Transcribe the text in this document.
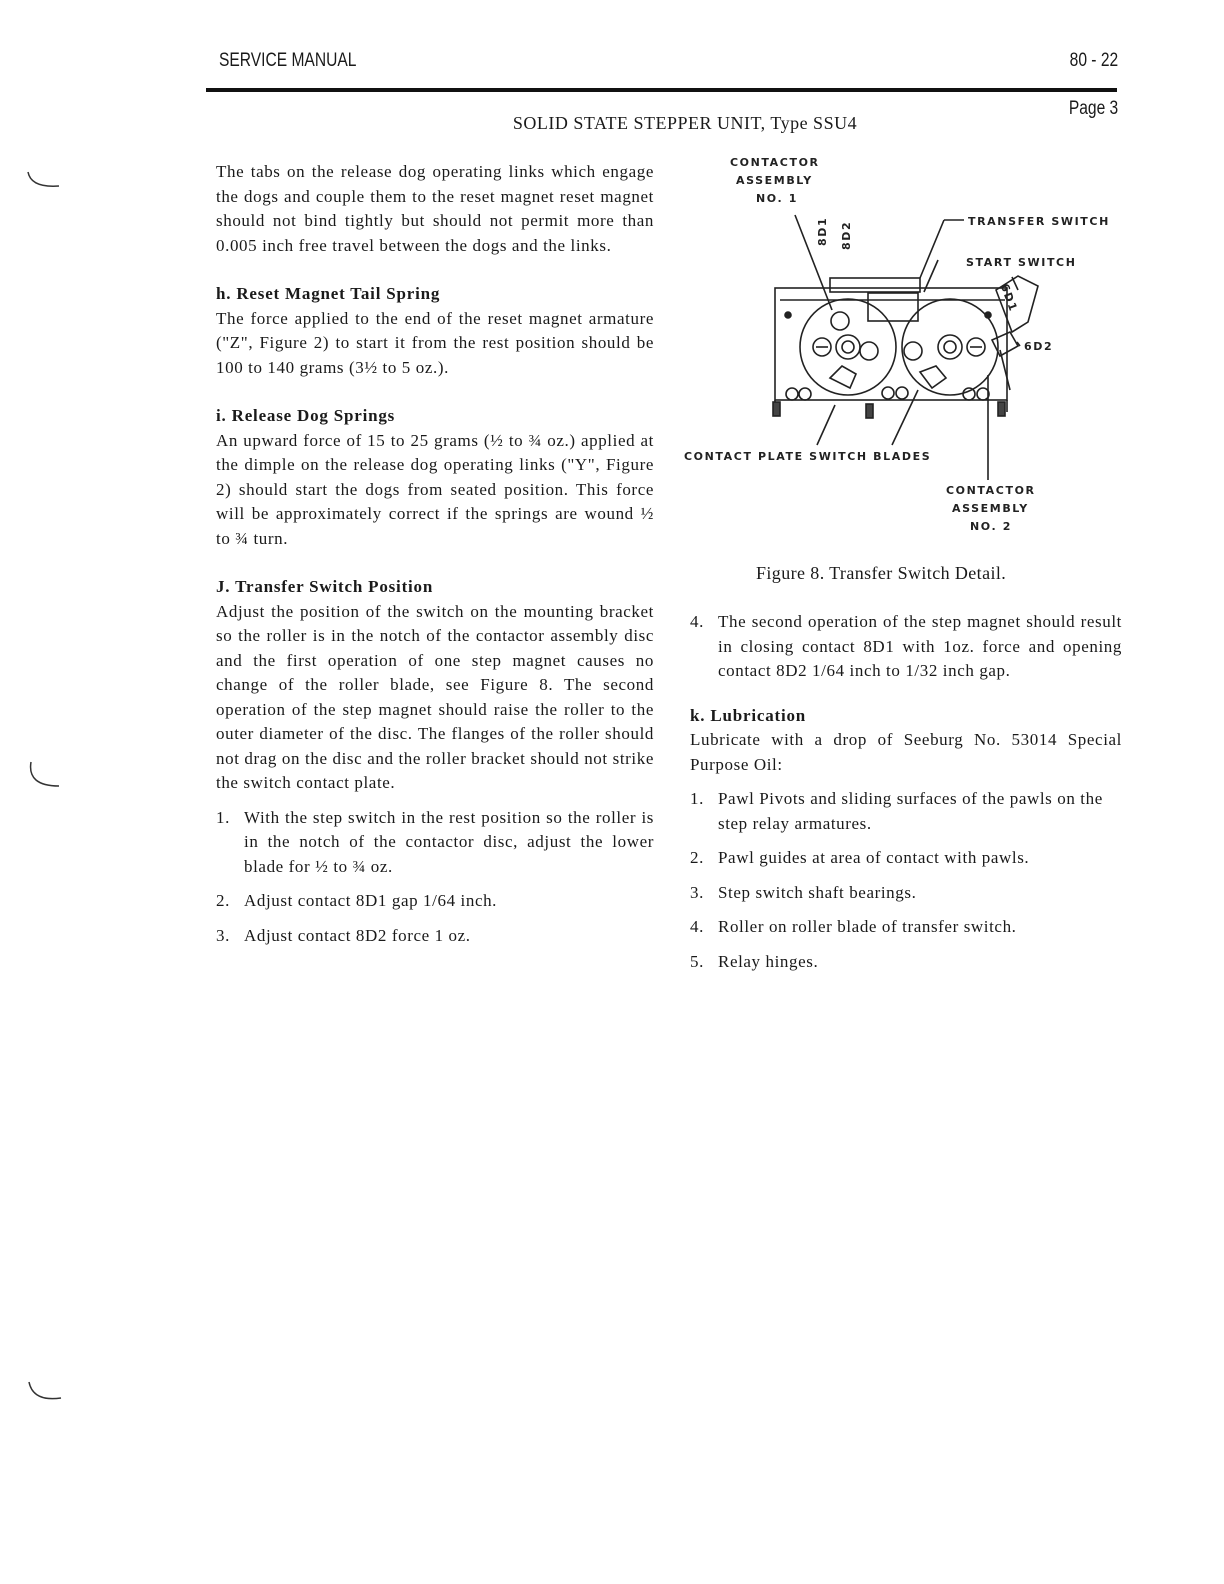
SERVICE MANUAL	80 - 22
Page 3
SOLID STATE STEPPER UNIT, Type SSU4

The tabs on the release dog operating links which engage the dogs and couple them to the reset magnet reset magnet should not bind tightly but should not permit more than 0.005 inch free travel between the dogs and the links.

h. Reset Magnet Tail Spring

The force applied to the end of the reset magnet armature ("Z", Figure 2) to start it from the rest position should be 100 to 140 grams (3½ to 5 oz.).

i. Release Dog Springs

An upward force of 15 to 25 grams (½ to ¾ oz.) applied at the dimple on the release dog operating links ("Y", Figure 2) should start the dogs from seated position. This force will be approximately correct if the springs are wound ½ to ¾ turn.

J. Transfer Switch Position

Adjust the position of the switch on the mounting bracket so the roller is in the notch of the contactor assembly disc and the first operation of one step magnet causes no change of the roller blade, see Figure 8. The second operation of the step magnet should raise the roller to the outer diameter of the disc. The flanges of the roller should not drag on the disc and the roller bracket should not strike the switch contact plate.

1. With the step switch in the rest position so the roller is in the notch of the contactor disc, adjust the lower blade for ½ to ¾ oz.
2. Adjust contact 8D1 gap 1/64 inch.
3. Adjust contact 8D2 force 1 oz.
CONTACTOR
ASSEMBLY
NO. 1
TRANSFER SWITCH
START SWITCH
8D1 8D2
6D1
6D2
CONTACT PLATE SWITCH BLADES
CONTACTOR
ASSEMBLY
NO. 2
Figure 8. Transfer Switch Detail.
4. The second operation of the step magnet should result in closing contact 8D1 with 1oz. force and opening contact 8D2 1/64 inch to 1/32 inch gap.

k. Lubrication

Lubricate with a drop of Seeburg No. 53014 Special Purpose Oil:

1. Pawl Pivots and sliding surfaces of the pawls on the step relay armatures.
2. Pawl guides at area of contact with pawls.
3. Step switch shaft bearings.
4. Roller on roller blade of transfer switch.
5. Relay hinges.
